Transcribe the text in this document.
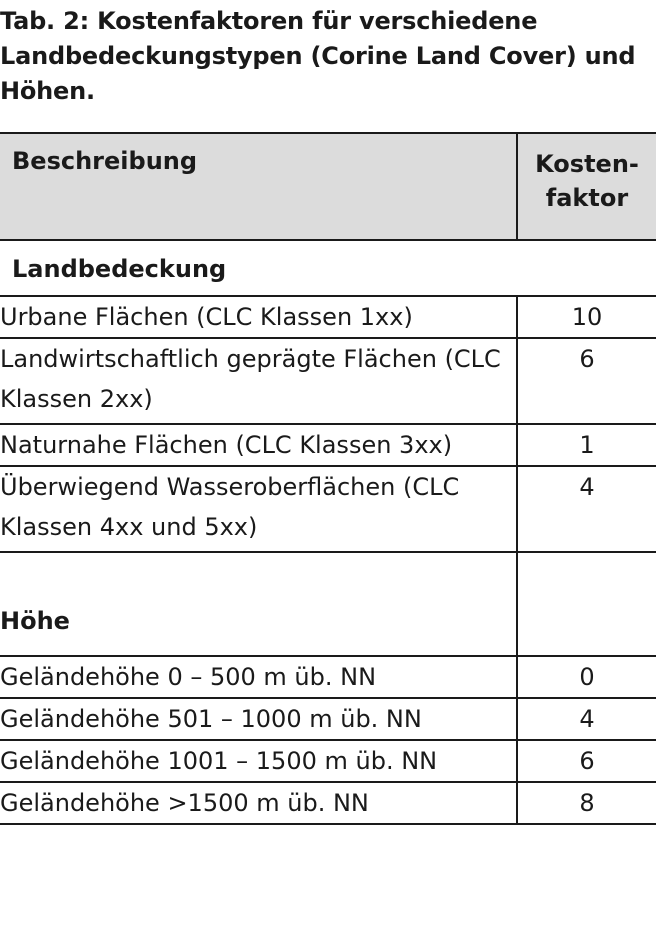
Tab. 2: Kostenfaktoren für verschiedene Landbedeckungstypen (Corine Land Cover) und Höhen.
Beschreibung	Kosten-
faktor

Landbedeckung	
Urbane Flächen (CLC Klassen 1xx)	10
Landwirtschaftlich geprägte Flächen (CLC Klassen 2xx)	6
Naturnahe Flächen (CLC Klassen 3xx)	1
Überwiegend Wasseroberflächen (CLC Klassen 4xx und 5xx)	4
Höhe	
Geländehöhe 0 – 500 m üb. NN	0
Geländehöhe 501 – 1000 m üb. NN	4
Geländehöhe 1001 – 1500 m üb. NN	6
Geländehöhe >1500 m üb. NN	8
